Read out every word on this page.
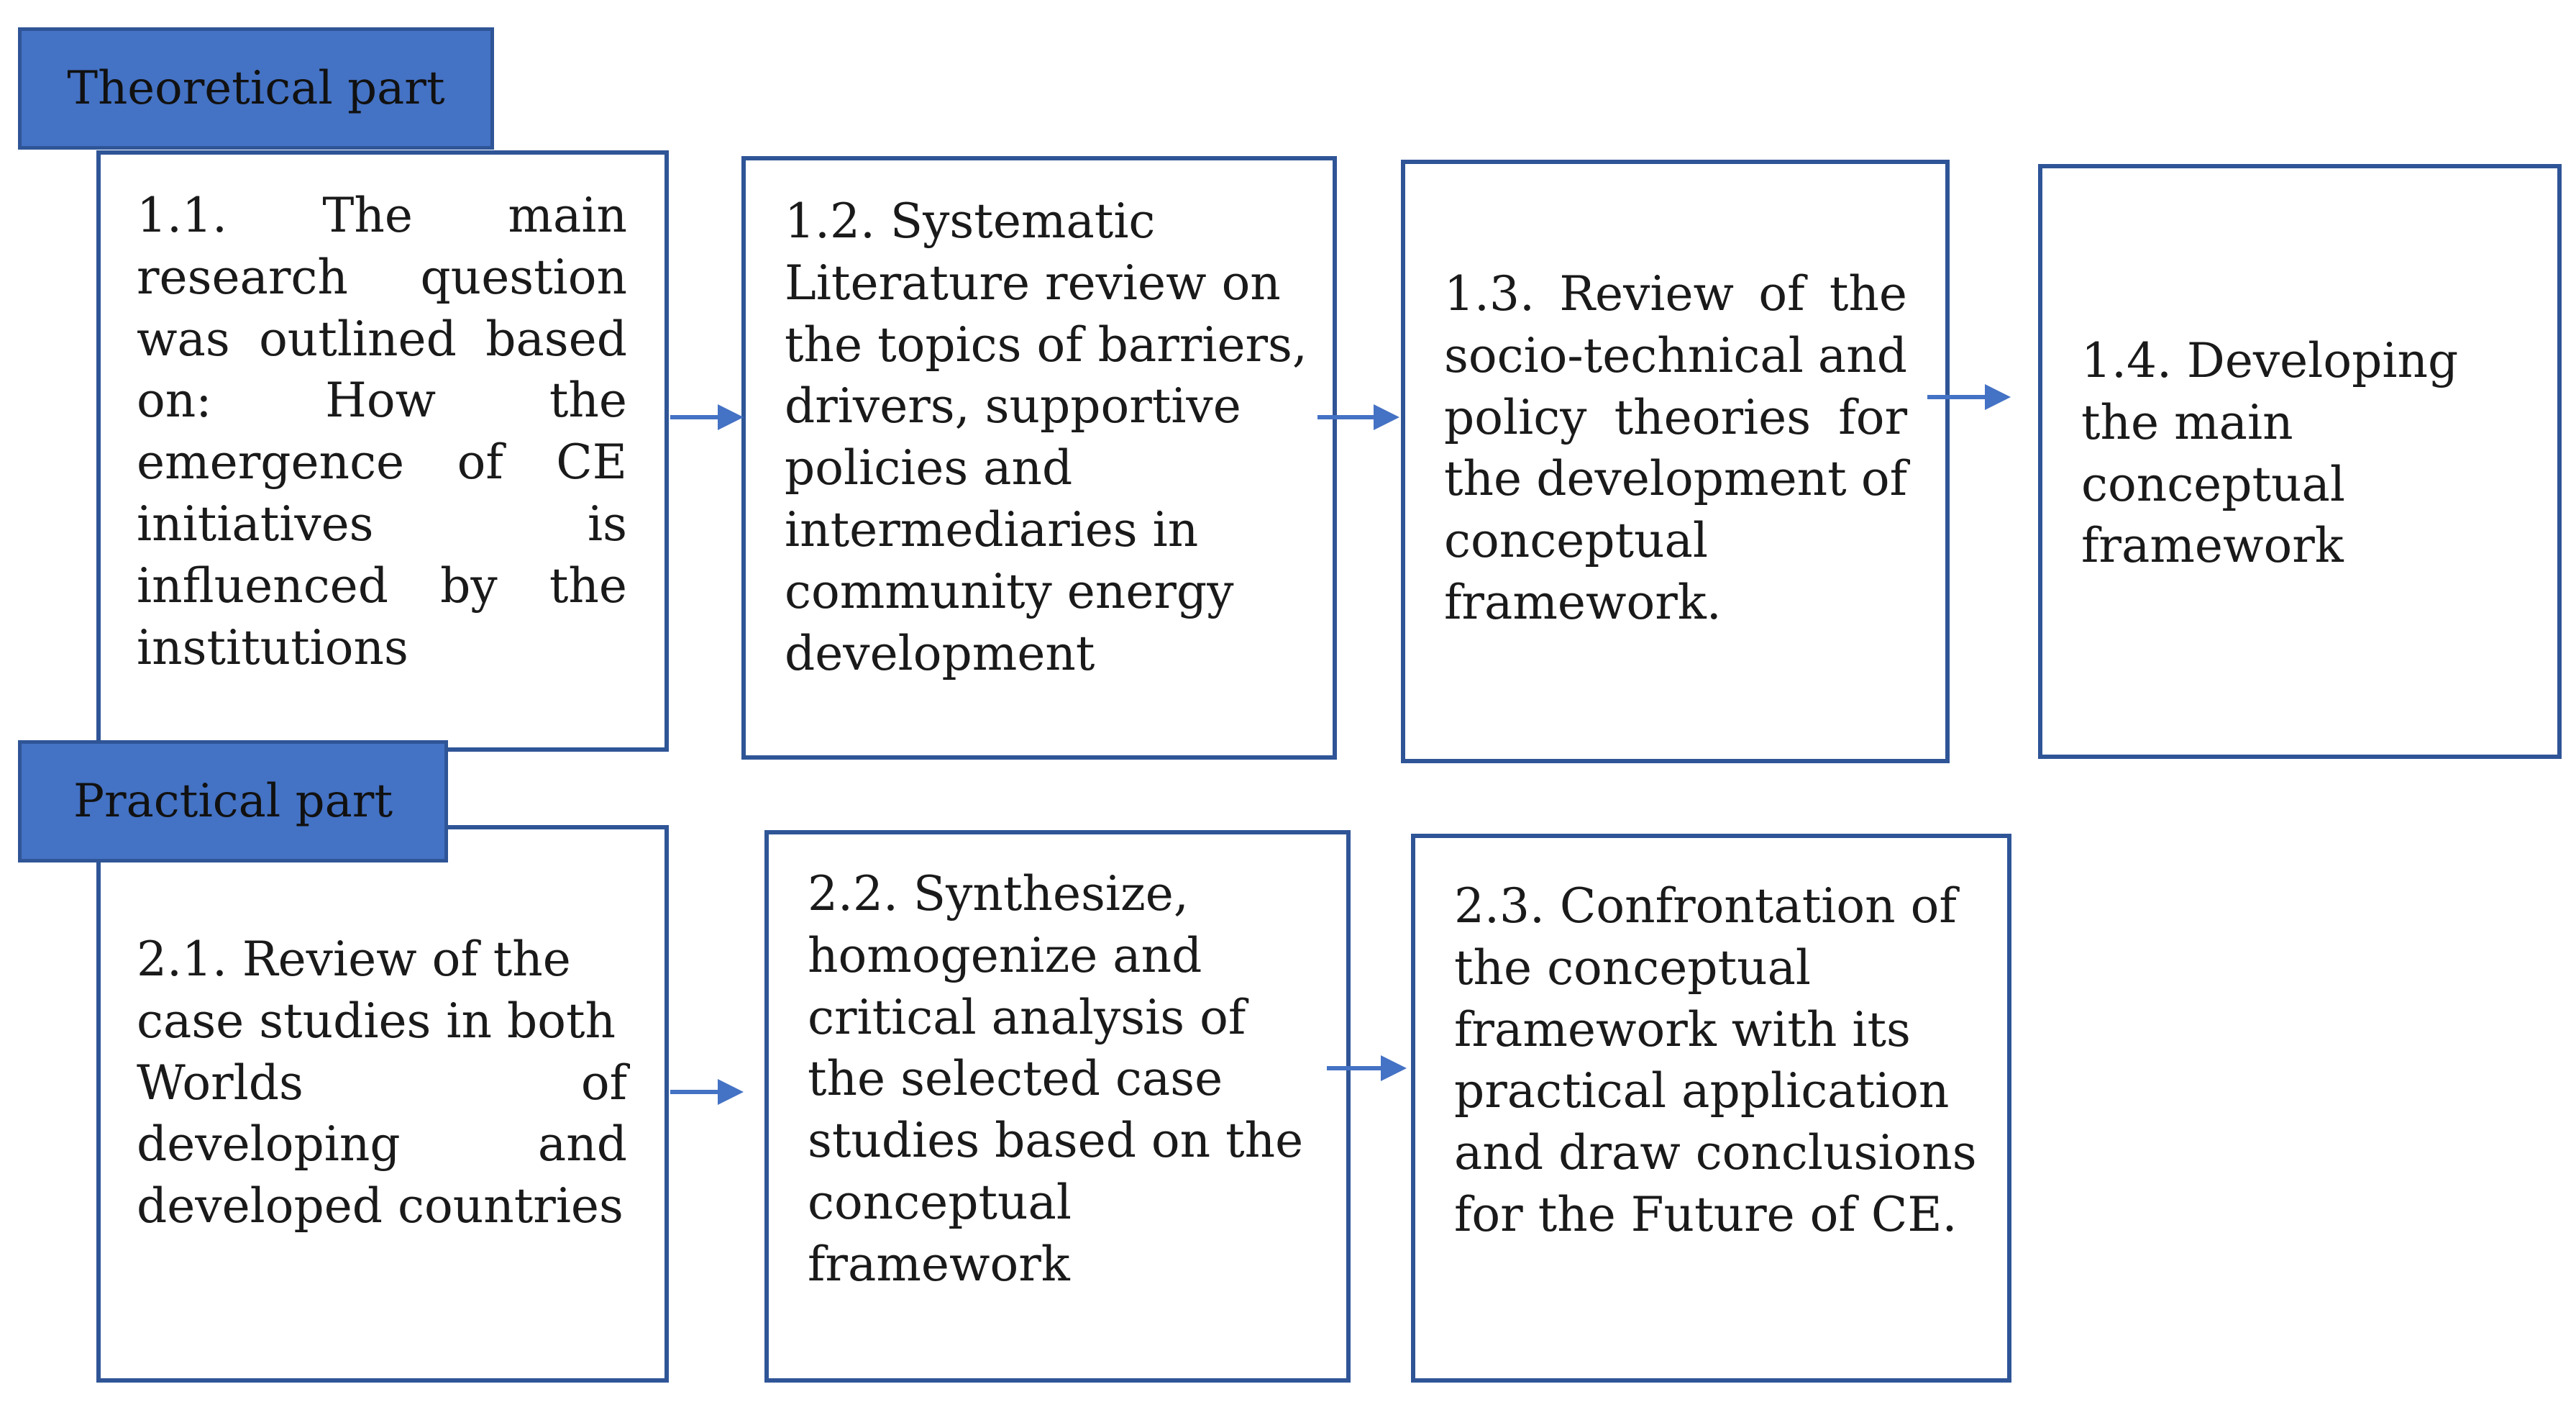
1.1. The main
research question
was outlined based
on: How the
emergence of CE
initiatives	is
influenced by the
institutions
1.2. Systematic
Literature review on
the topics of barriers,
drivers, supportive
policies and
intermediaries in
community energy
development
1.3. Review of the
socio-technical and
policy theories for
the development of
conceptual
framework.
1.4. Developing
the main
conceptual
framework
Theoretical part
2.1. Review of the
case studies in both
Worlds	of
developing	and
developed countries
2.2. Synthesize,
homogenize and
critical analysis of
the selected case
studies based on the
conceptual
framework
2.3. Confrontation of
the conceptual
framework with its
practical application
and draw conclusions
for the Future of CE.
Practical part
